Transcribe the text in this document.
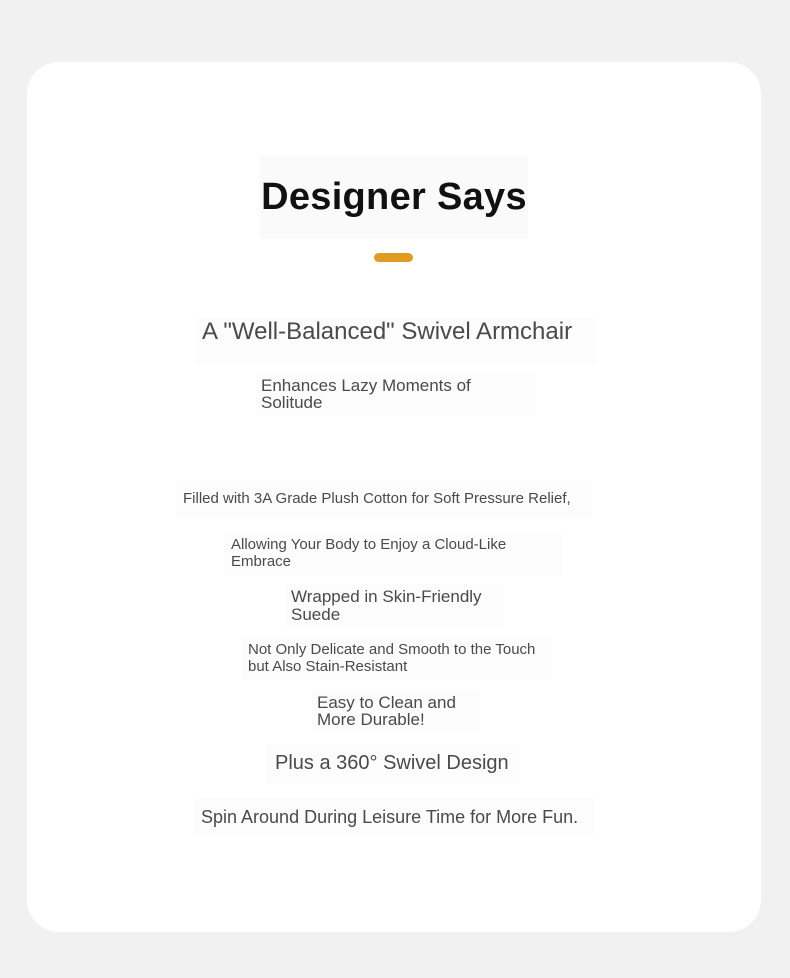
Designer Says
A "Well-Balanced" Swivel Armchair
Enhances Lazy Moments of Solitude
Filled with 3A Grade Plush Cotton for Soft Pressure Relief,
Allowing Your Body to Enjoy a Cloud-Like Embrace
Wrapped in Skin-Friendly Suede
Not Only Delicate and Smooth to the Touch but Also Stain-Resistant
Easy to Clean and More Durable!
Plus a 360° Swivel Design
Spin Around During Leisure Time for More Fun.
